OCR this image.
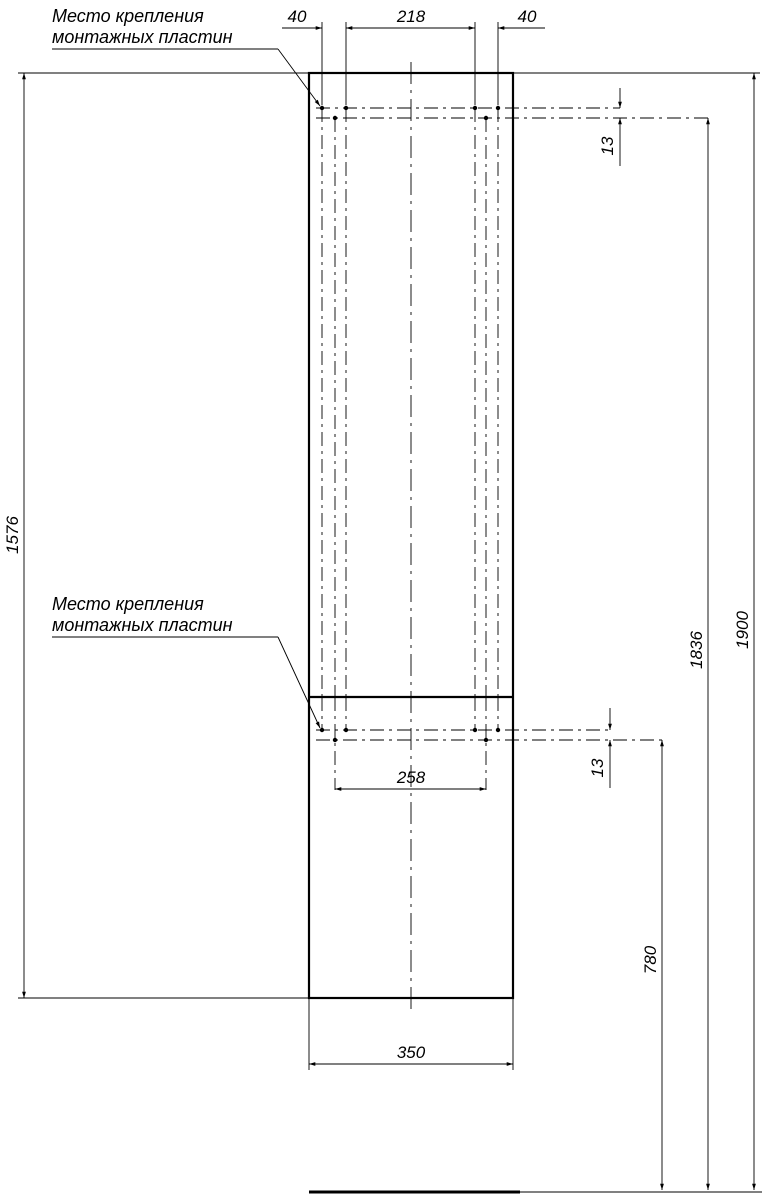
40	218	40
Место крепления
монтажных пластин
Место крепления
монтажных пластин
13
13
258
350
1576
1900
1836
780
